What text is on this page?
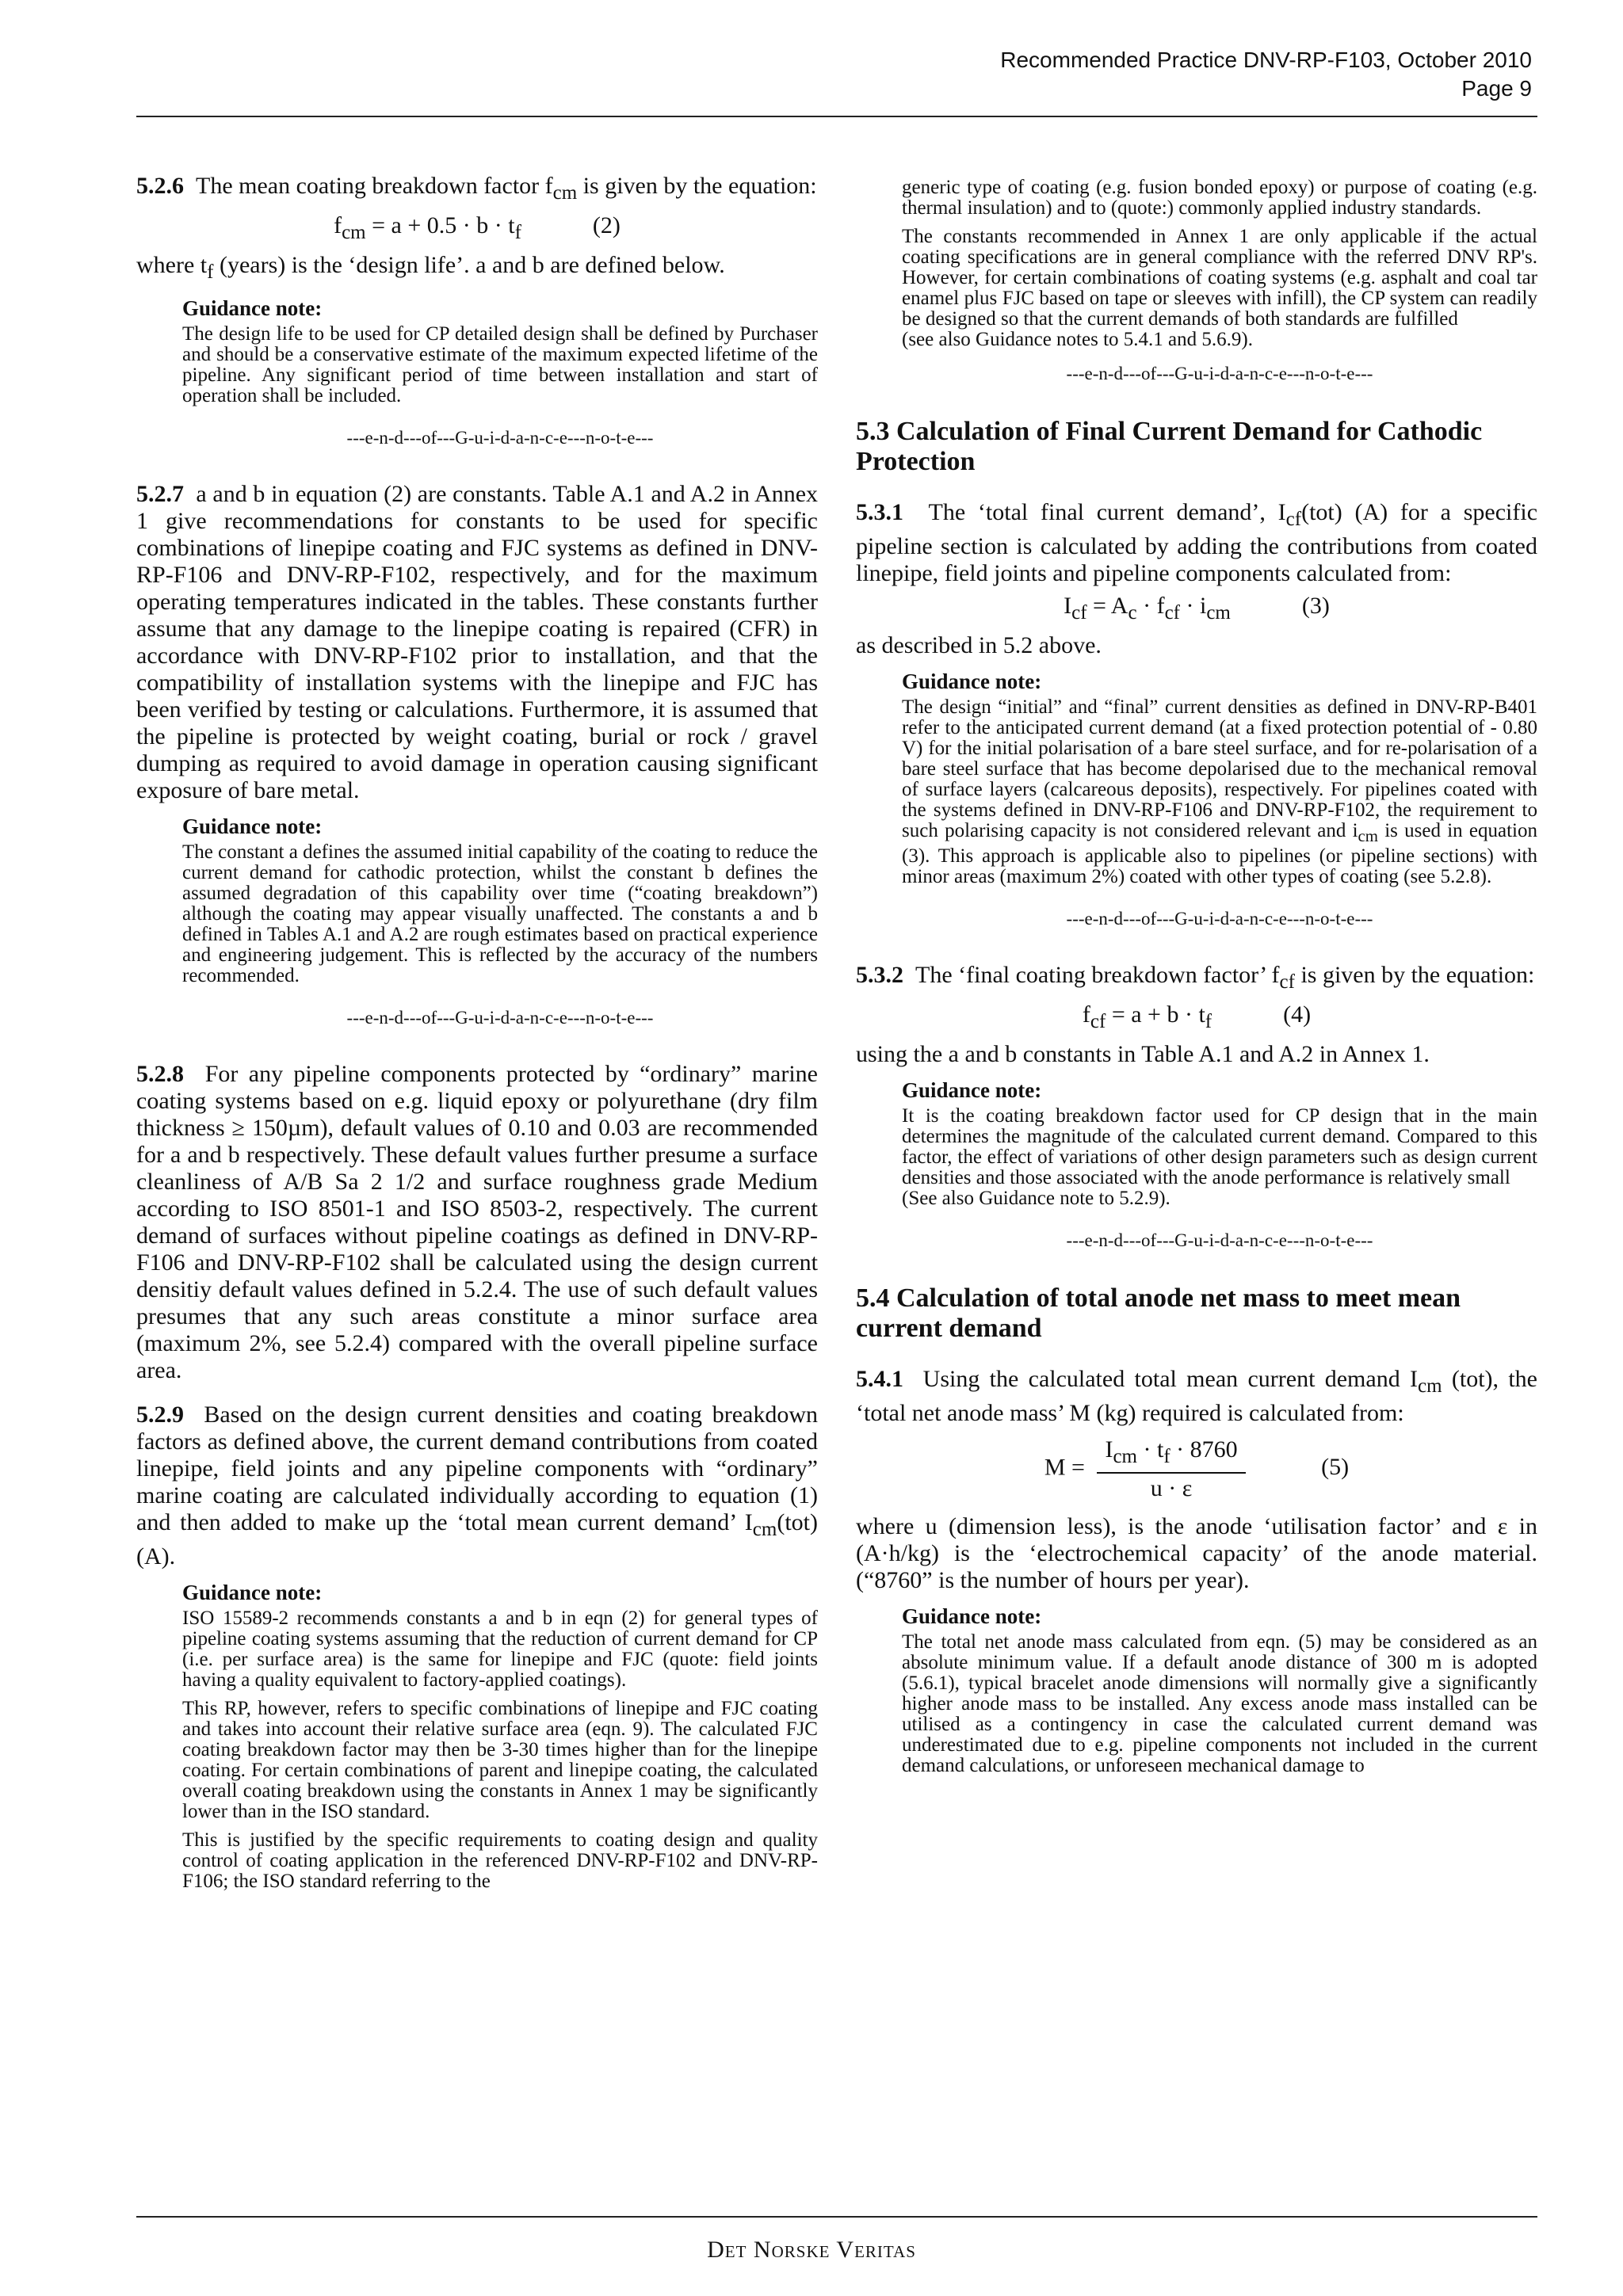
Recommended Practice DNV-RP-F103, October 2010
Page 9

5.2.6 The mean coating breakdown factor $f_{cm}$ is given by the equation:

$f_{cm} = a + 0.5 \cdot b \cdot t_f$	(2)

where $t_f$ (years) is the ‘design life’. a and b are defined below.

Guidance note:

The design life to be used for CP detailed design shall be defined by Purchaser and should be a conservative estimate of the maximum expected lifetime of the pipeline. Any significant period of time between installation and start of operation shall be included.

---e-n-d---of---G-u-i-d-a-n-c-e---n-o-t-e---

5.2.7 a and b in equation (2) are constants. Table A.1 and A.2 in Annex 1 give recommendations for constants to be used for specific combinations of linepipe coating and FJC systems as defined in DNV-RP-F106 and DNV-RP-F102, respectively, and for the maximum operating temperatures indicated in the tables. These constants further assume that any damage to the linepipe coating is repaired (CFR) in accordance with DNV-RP-F102 prior to installation, and that the compatibility of installation systems with the linepipe and FJC has been verified by testing or calculations. Furthermore, it is assumed that the pipeline is protected by weight coating, burial or rock / gravel dumping as required to avoid damage in operation causing significant exposure of bare metal.

Guidance note:

The constant a defines the assumed initial capability of the coating to reduce the current demand for cathodic protection, whilst the constant b defines the assumed degradation of this capability over time (“coating breakdown”) although the coating may appear visually unaffected. The constants a and b defined in Tables A.1 and A.2 are rough estimates based on practical experience and engineering judgement. This is reflected by the accuracy of the numbers recommended.

---e-n-d---of---G-u-i-d-a-n-c-e---n-o-t-e---

5.2.8 For any pipeline components protected by “ordinary” marine coating systems based on e.g. liquid epoxy or polyurethane (dry film thickness ≥ 150µm), default values of 0.10 and 0.03 are recommended for a and b respectively. These default values further presume a surface cleanliness of A/B Sa 2 1/2 and surface roughness grade Medium according to ISO 8501-1 and ISO 8503-2, respectively. The current demand of surfaces without pipeline coatings as defined in DNV-RP-F106 and DNV-RP-F102 shall be calculated using the design current densitiy default values defined in 5.2.4. The use of such default values presumes that any such areas constitute a minor surface area (maximum 2%, see 5.2.4) compared with the overall pipeline surface area.

5.2.9 Based on the design current densities and coating breakdown factors as defined above, the current demand contributions from coated linepipe, field joints and any pipeline components with “ordinary” marine coating are calculated individually according to equation (1) and then added to make up the ‘total mean current demand’ $I_{cm}(tot)$ (A).

Guidance note:

ISO 15589-2 recommends constants a and b in eqn (2) for general types of pipeline coating systems assuming that the reduction of current demand for CP (i.e. per surface area) is the same for linepipe and FJC (quote: field joints having a quality equivalent to factory-applied coatings).

This RP, however, refers to specific combinations of linepipe and FJC coating and takes into account their relative surface area (eqn. 9). The calculated FJC coating breakdown factor may then be 3-30 times higher than for the linepipe coating. For certain combinations of parent and linepipe coating, the calculated overall coating breakdown using the constants in Annex 1 may be significantly lower than in the ISO standard.

This is justified by the specific requirements to coating design and quality control of coating application in the referenced DNV-RP-F102 and DNV-RP-F106; the ISO standard referring to the

generic type of coating (e.g. fusion bonded epoxy) or purpose of coating (e.g. thermal insulation) and to (quote:) commonly applied industry standards.

The constants recommended in Annex 1 are only applicable if the actual coating specifications are in general compliance with the referred DNV RP's. However, for certain combinations of coating systems (e.g. asphalt and coal tar enamel plus FJC based on tape or sleeves with infill), the CP system can readily be designed so that the current demands of both standards are fulfilled

(see also Guidance notes to 5.4.1 and 5.6.9).

---e-n-d---of---G-u-i-d-a-n-c-e---n-o-t-e---

5.3 Calculation of Final Current Demand for Cathodic Protection

5.3.1 The ‘total final current demand’, $I_{cf}(tot)$ (A) for a specific pipeline section is calculated by adding the contributions from coated linepipe, field joints and pipeline components calculated from:

$I_{cf} = A_c \cdot f_{cf} \cdot i_{cm}$	(3)

as described in 5.2 above.

Guidance note:

The design “initial” and “final” current densities as defined in DNV-RP-B401 refer to the anticipated current demand (at a fixed protection potential of - 0.80 V) for the initial polarisation of a bare steel surface, and for re-polarisation of a bare steel surface that has become depolarised due to the mechanical removal of surface layers (calcareous deposits), respectively. For pipelines coated with the systems defined in DNV-RP-F106 and DNV-RP-F102, the requirement to such polarising capacity is not considered relevant and $i_{cm}$ is used in equation (3). This approach is applicable also to pipelines (or pipeline sections) with minor areas (maximum 2%) coated with other types of coating (see 5.2.8).

---e-n-d---of---G-u-i-d-a-n-c-e---n-o-t-e---

5.3.2 The ‘final coating breakdown factor’ $f_{cf}$ is given by the equation:

$f_{cf} = a + b \cdot t_f$	(4)

using the a and b constants in Table A.1 and A.2 in Annex 1.

Guidance note:

It is the coating breakdown factor used for CP design that in the main determines the magnitude of the calculated current demand. Compared to this factor, the effect of variations of other design parameters such as design current densities and those associated with the anode performance is relatively small

(See also Guidance note to 5.2.9).

---e-n-d---of---G-u-i-d-a-n-c-e---n-o-t-e---

5.4 Calculation of total anode net mass to meet mean current demand

5.4.1 Using the calculated total mean current demand $I_{cm}$ (tot), the ‘total net anode mass’ M (kg) required is calculated from:

$M = \frac{I_{cm} \cdot t_f \cdot 8760}{u \cdot \varepsilon}$	(5)

where u (dimension less), is the anode ‘utilisation factor’ and ε in (A·h/kg) is the ‘electrochemical capacity’ of the anode material. (“8760” is the number of hours per year).

Guidance note:

The total net anode mass calculated from eqn. (5) may be considered as an absolute minimum value. If a default anode distance of 300 m is adopted (5.6.1), typical bracelet anode dimensions will normally give a significantly higher anode mass to be installed. Any excess anode mass installed can be utilised as a contingency in case the calculated current demand was underestimated due to e.g. pipeline components not included in the current demand calculations, or unforeseen mechanical damage to

Det Norske Veritas
